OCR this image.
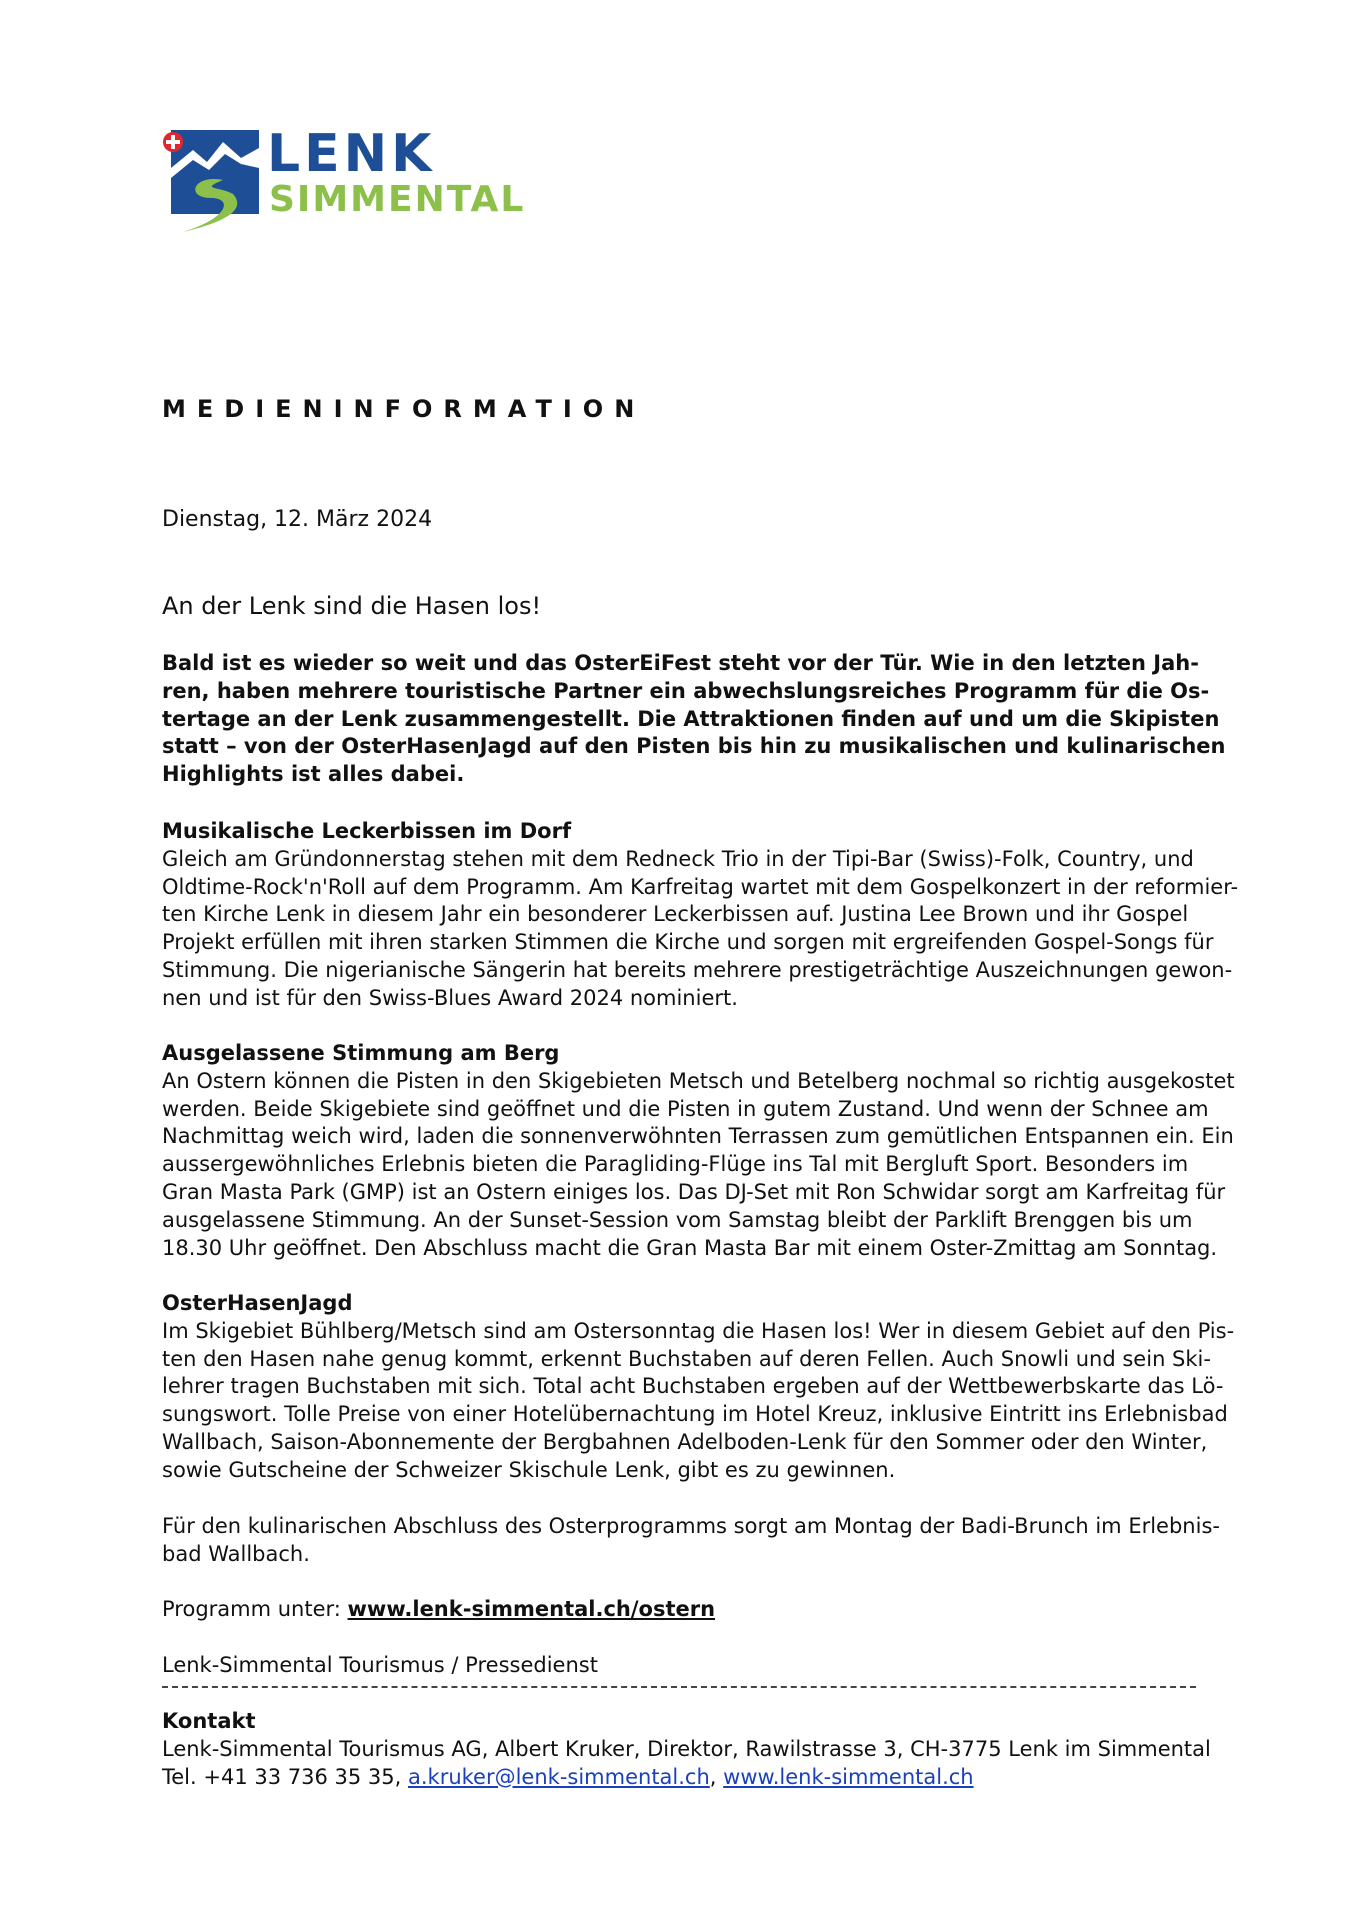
LENK
SIMMENTAL
MEDIENINFORMATION
Dienstag, 12. März 2024
An der Lenk sind die Hasen los!
Bald ist es wieder so weit und das OsterEiFest steht vor der Tür. Wie in den letzten Jah-
ren, haben mehrere touristische Partner ein abwechslungsreiches Programm für die Os-
tertage an der Lenk zusammengestellt. Die Attraktionen finden auf und um die Skipisten
statt – von der OsterHasenJagd auf den Pisten bis hin zu musikalischen und kulinarischen
Highlights ist alles dabei.
Musikalische Leckerbissen im Dorf
Gleich am Gründonnerstag stehen mit dem Redneck Trio in der Tipi-Bar (Swiss)-Folk, Country, und
Oldtime-Rock'n'Roll auf dem Programm. Am Karfreitag wartet mit dem Gospelkonzert in der reformier-
ten Kirche Lenk in diesem Jahr ein besonderer Leckerbissen auf. Justina Lee Brown und ihr Gospel
Projekt erfüllen mit ihren starken Stimmen die Kirche und sorgen mit ergreifenden Gospel-Songs für
Stimmung. Die nigerianische Sängerin hat bereits mehrere prestigeträchtige Auszeichnungen gewon-
nen und ist für den Swiss-Blues Award 2024 nominiert.
Ausgelassene Stimmung am Berg
An Ostern können die Pisten in den Skigebieten Metsch und Betelberg nochmal so richtig ausgekostet
werden. Beide Skigebiete sind geöffnet und die Pisten in gutem Zustand. Und wenn der Schnee am
Nachmittag weich wird, laden die sonnenverwöhnten Terrassen zum gemütlichen Entspannen ein. Ein
aussergewöhnliches Erlebnis bieten die Paragliding-Flüge ins Tal mit Bergluft Sport. Besonders im
Gran Masta Park (GMP) ist an Ostern einiges los. Das DJ-Set mit Ron Schwidar sorgt am Karfreitag für
ausgelassene Stimmung. An der Sunset-Session vom Samstag bleibt der Parklift Brenggen bis um
18.30 Uhr geöffnet. Den Abschluss macht die Gran Masta Bar mit einem Oster-Zmittag am Sonntag.
OsterHasenJagd
Im Skigebiet Bühlberg/Metsch sind am Ostersonntag die Hasen los! Wer in diesem Gebiet auf den Pis-
ten den Hasen nahe genug kommt, erkennt Buchstaben auf deren Fellen. Auch Snowli und sein Ski-
lehrer tragen Buchstaben mit sich. Total acht Buchstaben ergeben auf der Wettbewerbskarte das Lö-
sungswort. Tolle Preise von einer Hotelübernachtung im Hotel Kreuz, inklusive Eintritt ins Erlebnisbad
Wallbach, Saison-Abonnemente der Bergbahnen Adelboden-Lenk für den Sommer oder den Winter,
sowie Gutscheine der Schweizer Skischule Lenk, gibt es zu gewinnen.
Für den kulinarischen Abschluss des Osterprogramms sorgt am Montag der Badi-Brunch im Erlebnis-
bad Wallbach.
Programm unter: www.lenk-simmental.ch/ostern
Lenk-Simmental Tourismus / Pressedienst
Kontakt
Lenk-Simmental Tourismus AG, Albert Kruker, Direktor, Rawilstrasse 3, CH-3775 Lenk im Simmental
Tel. +41 33 736 35 35, a.kruker@lenk-simmental.ch, www.lenk-simmental.ch
